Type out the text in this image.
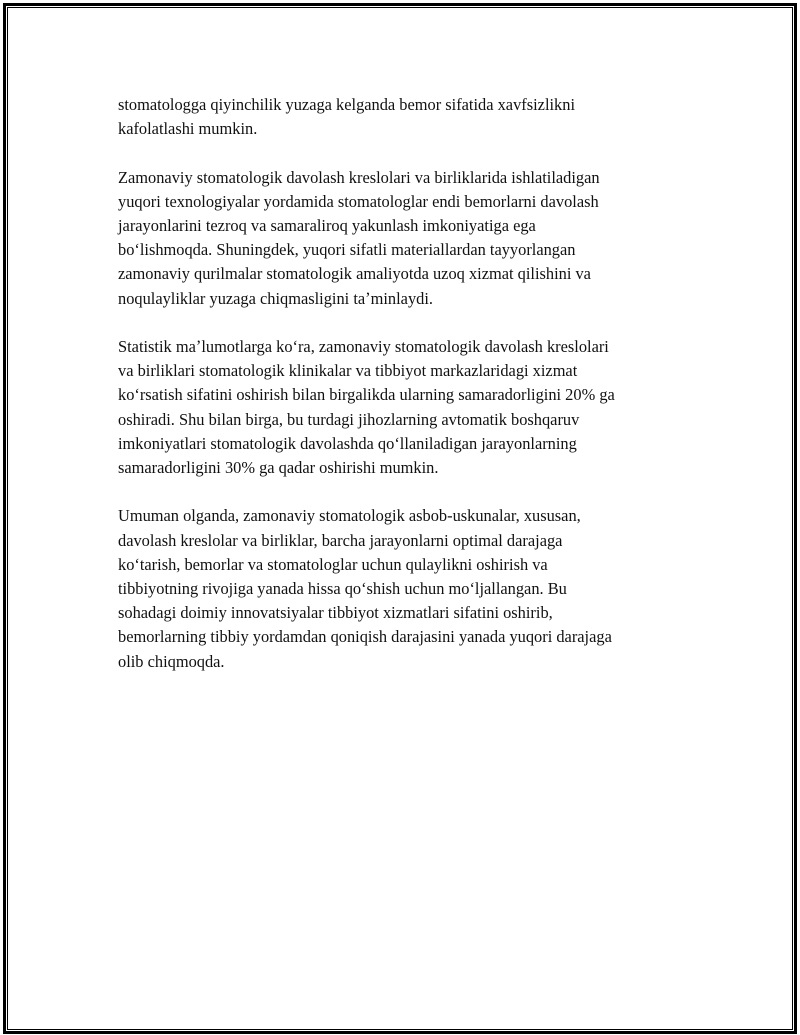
stomatologga qiyinchilik yuzaga kelganda bemor sifatida xavfsizlikni
kafolatlashi mumkin.

Zamonaviy stomatologik davolash kreslolari va birliklarida ishlatiladigan
yuqori texnologiyalar yordamida stomatologlar endi bemorlarni davolash
jarayonlarini tezroq va samaraliroq yakunlash imkoniyatiga ega
boʻlishmoqda. Shuningdek, yuqori sifatli materiallardan tayyorlangan
zamonaviy qurilmalar stomatologik amaliyotda uzoq xizmat qilishini va
noqulayliklar yuzaga chiqmasligini taʼminlaydi.

Statistik maʼlumotlarga koʻra, zamonaviy stomatologik davolash kreslolari
va birliklari stomatologik klinikalar va tibbiyot markazlaridagi xizmat
koʻrsatish sifatini oshirish bilan birgalikda ularning samaradorligini 20% ga
oshiradi. Shu bilan birga, bu turdagi jihozlarning avtomatik boshqaruv
imkoniyatlari stomatologik davolashda qoʻllaniladigan jarayonlarning
samaradorligini 30% ga qadar oshirishi mumkin.

Umuman olganda, zamonaviy stomatologik asbob-uskunalar, xususan,
davolash kreslolar va birliklar, barcha jarayonlarni optimal darajaga
koʻtarish, bemorlar va stomatologlar uchun qulaylikni oshirish va
tibbiyotning rivojiga yanada hissa qoʻshish uchun moʻljallangan. Bu
sohadagi doimiy innovatsiyalar tibbiyot xizmatlari sifatini oshirib,
bemorlarning tibbiy yordamdan qoniqish darajasini yanada yuqori darajaga
olib chiqmoqda.
